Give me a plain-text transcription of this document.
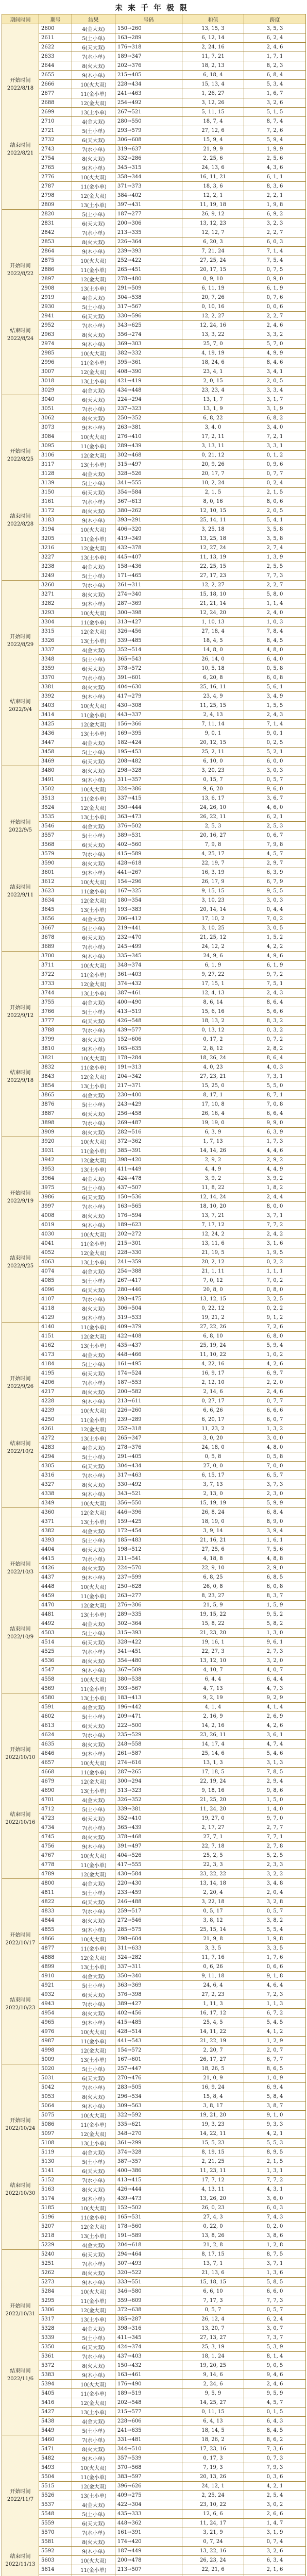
未来千年极限
期间时间	期号	结果	号码	和值	跨度

开始时间
2022/8/18
结束时间
2022/8/21	2600	4(金大双)	150→260	13, 15, 3	3, 5, 3
	2611	5(土小单)	163→289	6, 12, 14	6, 2, 4
	2622	6(天大双)	176→318	2, 24, 16	2, 4, 6
	2633	7(水小单)	189→347	11, 7, 21	1, 7, 1
	2644	8(火大双)	202→376	18, 2, 13	8, 2, 3
	2655	9(木小单)	215→405	6, 18, 4	6, 8, 4
	2666	10(火大双)	228→434	15, 13, 4	5, 3, 4
	2677	11(金小单)	241→463	1, 26, 27	1, 6, 7
	2688	12(金大双)	254→492	3, 12, 26	3, 2, 6
	2699	13(土小单)	267→521	5, 11, 15	5, 1, 5
	2710	4(金大双)	280→550	18, 7, 4	8, 7, 4
	2721	5(土小单)	293→579	27, 12, 6	7, 2, 6
	2732	6(天大双)	306→608	15, 9, 4	5, 9, 4
	2743	7(水小单)	319→637	21, 9, 9	1, 9, 9
	2754	8(火大双)	332→286	2, 25, 6	2, 5, 6
	2765	9(木小单)	345→315	24, 13, 6	4, 3, 6
	2776	10(火大双)	358→344	16, 11, 21	6, 1, 1
	2787	11(金小单)	371→373	18, 3, 6	8, 3, 6
	2798	12(金大双)	384→402	12, 2, 1	2, 2, 1
	2809	13(土小单)	397→431	11, 19, 18	1, 9, 8

开始时间
2022/8/22
结束时间
2022/8/24	2820	5(土小单)	187→277	26, 9, 12	6, 9, 2
	2831	6(天大双)	200→306	13, 12, 23	3, 2, 3
	2842	7(水小单)	213→335	12, 12, 7	2, 2, 7
	2853	8(火大双)	226→364	6, 20, 3	6, 0, 3
	2864	9(木小单)	239→393	7, 21, 24	7, 1, 4
	2875	10(火大双)	252→422	27, 25, 24	7, 5, 4
	2886	11(金小单)	265→451	20, 17, 15	0, 7, 5
	2897	12(金大双)	278→480	0, 9, 10	0, 9, 0
	2908	13(土小单)	291→509	6, 11, 19	6, 1, 9
	2919	4(金大双)	304→538	20, 7, 26	0, 7, 6
	2930	5(土小单)	317→567	0, 10, 16	0, 0, 6
	2941	6(天大双)	330→596	12, 2, 27	2, 2, 7
	2952	7(水小单)	343→625	12, 24, 16	2, 4, 6
	2963	8(火大双)	356→274	13, 3, 22	3, 3, 2
	2974	9(木小单)	369→303	25, 7, 0	5, 7, 0
	2985	10(火大双)	382→332	4, 19, 19	4, 9, 9
	2996	11(金小单)	395→361	18, 24, 6	8, 4, 6
	3007	12(金大双)	408→390	23, 4, 1	3, 4, 1
	3018	13(土小单)	421→419	2, 0, 15	2, 0, 5
	3029	4(金大双)	434→448	23, 23, 4	3, 3, 4

开始时间
2022/8/25
结束时间
2022/8/28	3040	6(天大双)	224→294	13, 1, 7	3, 1, 7
	3051	7(水小单)	237→323	13, 1, 9	3, 1, 9
	3062	8(火大双)	250→352	6, 8, 22	6, 8, 2
	3073	9(木小单)	263→381	3, 4, 0	3, 4, 0
	3084	10(火大双)	276→410	17, 2, 11	7, 2, 1
	3095	11(金小单)	289→439	3, 13, 11	3, 3, 1
	3106	12(金大双)	302→468	0, 21, 12	0, 1, 2
	3117	13(土小单)	315→497	20, 9, 26	0, 9, 6
	3128	4(金大双)	328→526	20, 17, 7	0, 7, 7
	3139	5(土小单)	341→555	10, 2, 24	0, 2, 4
	3150	6(天大双)	354→584	2, 1, 5	2, 1, 5
	3161	7(水小单)	367→613	8, 0, 16	8, 0, 6
	3172	8(火大双)	380→262	12, 10, 15	2, 0, 5
	3183	9(木小单)	393→291	25, 14, 11	5, 4, 1
	3194	10(火大双)	406→320	3, 25, 18	3, 5, 8
	3205	11(金小单)	419→349	13, 25, 18	3, 5, 8
	3216	12(金大双)	432→378	12, 27, 24	2, 7, 4
	3227	13(土小单)	445→407	11, 13, 19	1, 3, 9
	3238	4(金大双)	158→436	22, 25, 15	2, 5, 5
	3249	5(土小单)	171→465	27, 17, 23	7, 7, 3

开始时间
2022/8/29
结束时间
2022/9/4	3260	7(水小单)	261→311	12, 2, 27	2, 2, 7
	3271	8(火大双)	274→340	15, 18, 10	5, 8, 0
	3282	9(木小单)	287→369	21, 21, 14	1, 1, 4
	3293	10(火大双)	300→398	12, 24, 20	2, 4, 0
	3304	11(金小单)	313→427	1, 10, 13	1, 0, 3
	3315	12(金大双)	326→456	27, 18, 4	7, 8, 4
	3326	13(土小单)	339→485	18, 4, 5	8, 4, 5
	3337	4(金大双)	352→514	14, 8, 0	4, 8, 0
	3348	5(土小单)	365→543	26, 14, 0	6, 4, 0
	3359	6(天大双)	378→572	10, 5, 18	0, 5, 8
	3370	7(水小单)	391→601	6, 20, 8	6, 0, 8
	3381	8(火大双)	404→630	25, 16, 11	5, 6, 1
	3392	9(木小单)	417→279	23, 4, 9	3, 4, 9
	3403	10(火大双)	430→308	11, 25, 15	1, 5, 5
	3414	11(金小单)	443→337	2, 4, 13	2, 4, 3
	3425	12(金大双)	156→366	7, 11, 14	7, 1, 4
	3436	13(土小单)	169→395	9, 0, 1	9, 0, 1
	3447	4(金大双)	182→424	20, 12, 15	0, 2, 5
	3458	5(土小单)	195→453	25, 2, 11	5, 2, 1
	3469	6(天大双)	208→482	6, 10, 0	6, 0, 0

开始时间
2022/9/5
结束时间
2022/9/11	3480	8(火大双)	298→328	3, 20, 23	3, 0, 3
	3491	9(木小单)	311→357	0, 15, 7	0, 5, 7
	3502	10(火大双)	324→386	9, 6, 20	9, 6, 0
	3513	11(金小单)	337→415	13, 6, 17	3, 6, 7
	3524	12(金大双)	350→444	24, 26, 10	4, 6, 0
	3535	13(土小单)	363→473	26, 22, 11	6, 2, 1
	3546	4(金大双)	376→502	2, 5, 3	2, 5, 3
	3557	5(土小单)	389→531	20, 16, 27	0, 6, 7
	3568	6(天大双)	402→560	7, 9, 8	7, 9, 8
	3579	7(水小单)	415→589	4, 25, 17	4, 5, 7
	3590	8(火大双)	428→618	22, 19, 7	2, 9, 7
	3601	9(木小单)	441→267	16, 3, 19	6, 3, 9
	3612	10(火大双)	154→296	26, 17, 9	6, 7, 9
	3623	11(金小单)	167→325	9, 15, 15	9, 5, 5
	3634	12(金大双)	180→354	3, 10, 23	3, 0, 3
	3645	13(土小单)	193→383	20, 14, 14	0, 4, 4
	3656	4(金大双)	206→412	17, 10, 2	7, 0, 2
	3667	5(土小单)	219→441	3, 10, 25	3, 0, 5
	3678	6(天大双)	232→470	21, 25, 12	1, 5, 2
	3689	7(水小单)	245→499	24, 12, 2	4, 2, 2

开始时间
2022/9/12
结束时间
2022/9/18	3700	9(木小单)	335→345	24, 9, 6	4, 9, 6
	3711	10(火大双)	348→374	6, 1, 9	6, 1, 9
	3722	11(金小单)	361→403	9, 27, 22	9, 7, 2
	3733	12(金大双)	374→432	17, 15, 1	7, 5, 1
	3744	13(土小单)	387→461	12, 4, 13	2, 4, 3
	3755	4(金大双)	400→490	8, 6, 14	8, 6, 4
	3766	5(土小单)	413→519	15, 6, 16	5, 6, 6
	3777	6(天大双)	426→548	18, 13, 2	8, 3, 2
	3788	7(水小单)	439→577	0, 13, 12	0, 3, 2
	3799	8(火大双)	152→606	0, 17, 2	0, 7, 2
	3810	9(木小单)	165→635	2, 8, 12	2, 8, 2
	3821	10(火大双)	178→284	18, 26, 24	8, 6, 4
	3832	11(金小单)	191→313	4, 0, 23	4, 0, 3
	3843	12(金大双)	204→342	27, 23, 21	7, 3, 1
	3854	13(土小单)	217→371	15, 25, 0	5, 5, 0
	3865	4(金大双)	230→400	8, 17, 1	8, 7, 1
	3876	5(土小单)	243→429	17, 10, 8	7, 0, 8
	3887	6(天大双)	256→458	26, 16, 4	6, 6, 4
	3898	7(水小单)	269→487	19, 19, 0	9, 9, 0
	3909	8(火大双)	282→516	6, 3, 9	6, 3, 9

开始时间
2022/9/19
结束时间
2022/9/25	3920	10(火大双)	372→362	1, 7, 13	1, 7, 3
	3931	11(金小单)	385→391	14, 14, 26	4, 4, 6
	3942	12(金大双)	398→420	2, 9, 2	2, 9, 2
	3953	13(土小单)	411→449	4, 4, 9	4, 4, 9
	3964	4(金大双)	424→478	3, 9, 2	3, 9, 2
	3975	5(土小单)	437→507	11, 8, 22	1, 8, 2
	3986	6(天大双)	150→536	12, 14, 24	2, 4, 4
	3997	7(水小单)	163→565	18, 10, 20	8, 0, 0
	4008	8(火大双)	176→594	13, 7, 21	3, 7, 1
	4019	9(木小单)	189→623	7, 17, 12	7, 7, 2
	4030	10(火大双)	202→272	12, 24, 2	2, 4, 2
	4041	11(金小单)	215→301	13, 11, 6	3, 1, 6
	4052	12(金大双)	228→330	21, 19, 5	1, 9, 5
	4063	13(土小单)	241→359	20, 2, 12	0, 2, 2
	4074	4(金大双)	254→388	21, 1, 11	1, 1, 1
	4085	5(土小单)	267→417	7, 0, 12	7, 0, 2
	4096	6(天大双)	280→446	20, 8, 0	0, 8, 0
	4107	7(水小单)	293→475	13, 12, 15	3, 2, 5
	4118	8(火大双)	306→504	0, 22, 12	0, 2, 2
	4129	9(木小单)	319→533	19, 21, 2	9, 1, 2

开始时间
2022/9/26
结束时间
2022/10/2	4140	11(金小单)	409→379	27, 22, 26	7, 2, 6
	4151	12(金大双)	422→408	6, 8, 10	6, 8, 0
	4162	13(土小单)	435→437	25, 19, 24	5, 9, 4
	4173	4(金大双)	448→466	11, 10, 22	1, 0, 2
	4184	5(土小单)	161→495	4, 22, 16	4, 2, 6
	4195	6(天大双)	174→524	16, 9, 17	6, 9, 7
	4206	7(水小单)	187→553	2, 12, 10	2, 2, 0
	4217	8(火大双)	200→582	2, 14, 6	2, 4, 6
	4228	9(木小单)	213→611	0, 27, 17	0, 7, 7
	4239	10(火大双)	226→260	6, 6, 26	6, 6, 6
	4250	11(金小单)	239→289	6, 20, 17	6, 0, 7
	4261	12(金大双)	252→318	11, 23, 2	1, 3, 2
	4272	13(土小单)	265→347	3, 0, 20	3, 0, 0
	4283	4(金大双)	278→376	24, 18, 0	4, 8, 0
	4294	5(土小单)	291→405	0, 5, 8	0, 5, 8
	4305	6(天大双)	304→434	27, 0, 0	7, 0, 0
	4316	7(水小单)	317→463	6, 15, 17	6, 5, 7
	4327	8(火大双)	330→492	3, 7, 13	3, 7, 3
	4338	9(木小单)	343→521	2, 13, 0	2, 3, 0
	4349	10(火大双)	356→550	15, 19, 19	5, 9, 9

开始时间
2022/10/3
结束时间
2022/10/9	4360	12(金大双)	446→396	26, 8, 24	6, 8, 4
	4371	13(土小单)	159→425	18, 19, 0	8, 9, 0
	4382	4(金大双)	172→454	3, 9, 14	3, 9, 4
	4393	5(土小单)	185→483	21, 16, 21	1, 6, 1
	4404	6(天大双)	198→512	27, 25, 6	7, 5, 6
	4415	7(水小单)	211→541	4, 18, 8	4, 8, 8
	4426	8(火大双)	224→570	22, 9, 10	2, 9, 0
	4437	9(木小单)	237→599	6, 8, 25	6, 8, 5
	4448	10(火大双)	250→628	26, 0, 8	6, 0, 8
	4459	11(金小单)	263→277	8, 23, 27	8, 3, 7
	4470	12(金大双)	276→306	21, 5, 9	1, 5, 9
	4481	13(土小单)	289→335	19, 15, 22	9, 5, 2
	4492	4(金大双)	302→364	15, 8, 22	5, 8, 2
	4503	5(土小单)	315→393	21, 23, 20	1, 3, 0
	4514	6(天大双)	328→422	19, 16, 1	9, 6, 1
	4525	7(水小单)	341→451	22, 27, 3	2, 7, 3
	4536	8(火大双)	354→480	13, 12, 10	3, 2, 0
	4547	9(木小单)	367→509	4, 10, 7	4, 0, 7
	4558	10(火大双)	380→538	6, 4, 4	6, 4, 4
	4569	11(金小单)	393→567	4, 7, 13	4, 7, 3

开始时间
2022/10/10
结束时间
2022/10/16	4580	13(土小单)	183→413	9, 2, 19	9, 2, 9
	4591	4(金大双)	196→442	4, 1, 4	4, 1, 4
	4602	5(土小单)	209→471	2, 16, 9	2, 6, 9
	4613	6(天大双)	222→500	14, 2, 16	4, 2, 6
	4624	7(水小单)	235→529	23, 26, 11	3, 6, 1
	4635	8(火大双)	248→558	14, 17, 4	4, 7, 4
	4646	9(木小单)	261→587	25, 14, 6	5, 4, 6
	4657	10(火大双)	274→616	13, 1, 3	3, 1, 3
	4668	11(金小单)	287→265	17, 18, 5	7, 8, 5
	4679	12(金大双)	300→294	22, 19, 24	2, 9, 4
	4690	13(土小单)	313→323	9, 18, 16	9, 8, 6
	4701	4(金大双)	326→352	21, 25, 20	1, 5, 0
	4712	5(土小单)	339→381	11, 24, 20	1, 4, 0
	4723	6(天大双)	352→410	19, 27, 0	9, 7, 0
	4734	7(水小单)	365→439	2, 17, 27	2, 7, 7
	4745	8(火大双)	378→468	27, 7, 1	7, 7, 1
	4756	9(木小单)	391→497	22, 7, 18	2, 7, 8
	4767	10(火大双)	404→526	25, 2, 5	5, 2, 5
	4778	11(金小单)	417→555	22, 3, 3	2, 3, 3
	4789	12(金大双)	430→584	23, 22, 22	3, 2, 2

开始时间
2022/10/17
结束时间
2022/10/23	4800	4(金大双)	220→430	13, 14, 18	3, 4, 8
	4811	5(土小单)	233→459	2, 20, 4	2, 0, 4
	4822	6(天大双)	246→488	3, 22, 18	3, 2, 8
	4833	7(水小单)	259→517	0, 5, 17	0, 5, 7
	4844	8(火大双)	272→546	3, 8, 12	3, 8, 2
	4855	9(木小单)	285→575	25, 15, 14	5, 5, 4
	4866	10(火大双)	298→604	21, 9, 8	1, 9, 8
	4877	11(金小单)	311→633	3, 3, 5	3, 3, 5
	4888	12(金大双)	324→282	11, 7, 16	1, 7, 6
	4899	13(土小单)	337→311	0, 6, 26	0, 6, 6
	4910	4(金大双)	350→340	9, 11, 18	9, 1, 8
	4921	5(土小单)	363→369	24, 6, 4	4, 6, 4
	4932	6(天大双)	376→398	27, 2, 23	7, 2, 3
	4943	7(水小单)	389→427	1, 11, 3	1, 1, 3
	4954	8(火大双)	402→456	16, 17, 12	6, 7, 2
	4965	9(木小单)	415→485	25, 4, 5	5, 4, 5
	4976	10(火大双)	428→514	14, 11, 22	4, 1, 2
	4987	11(金小单)	441→543	21, 22, 19	1, 2, 9
	4998	12(金大双)	154→572	2, 20, 7	2, 0, 7
	5009	13(土小单)	167→601	26, 17, 27	6, 7, 7

开始时间
2022/10/24
结束时间
2022/10/30	5020	5(土小单)	257→447	18, 26, 5	8, 6, 5
	5031	6(天大双)	270→476	21, 0, 9	1, 0, 9
	5042	7(水小单)	283→505	16, 9, 24	6, 9, 4
	5053	8(火大双)	296→534	15, 8, 4	5, 8, 4
	5064	9(木小单)	309→563	3, 8, 17	3, 8, 7
	5075	10(火大双)	322→592	19, 21, 20	9, 1, 0
	5086	11(金小单)	335→621	19, 3, 23	9, 3, 3
	5097	12(金大双)	348→270	14, 22, 11	4, 2, 1
	5108	13(土小单)	361→299	15, 5, 23	5, 5, 3
	5119	4(金大双)	374→328	8, 19, 15	8, 9, 5
	5130	5(土小单)	387→357	2, 21, 25	2, 1, 5
	5141	6(天大双)	400→386	11, 23, 11	1, 3, 1
	5152	7(水小单)	413→415	17, 7, 12	7, 7, 2
	5163	8(火大双)	426→444	4, 13, 11	4, 3, 1
	5174	9(木小单)	439→473	13, 26, 20	3, 6, 0
	5185	10(火大双)	152→502	26, 0, 23	6, 0, 3
	5196	11(金小单)	165→531	27, 4, 3	7, 4, 3
	5207	12(金大双)	178→560	0, 22, 0	0, 2, 0
	5218	13(土小单)	191→589	13, 8, 26	3, 8, 6
	5229	4(金大双)	204→618	21, 2, 8	1, 2, 8

开始时间
2022/10/31
结束时间
2022/11/6	5240	6(天大双)	294→464	8, 17, 15	8, 7, 5
	5251	7(水小单)	307→493	13, 7, 1	3, 7, 1
	5262	8(火大双)	320→522	21, 13, 6	1, 3, 6
	5273	9(木小单)	333→551	15, 18, 15	5, 8, 5
	5284	10(火大双)	346→580	6, 6, 10	6, 6, 0
	5295	11(金小单)	359→609	7, 17, 3	7, 7, 3
	5306	12(金大双)	372→638	0, 5, 7	0, 5, 7
	5317	13(土小单)	385→287	26, 12, 4	6, 2, 4
	5328	4(金大双)	398→316	13, 20, 7	3, 0, 7
	5339	5(土小单)	411→345	27, 13, 27	7, 3, 7
	5350	6(天大双)	424→374	25, 3, 19	5, 3, 9
	5361	7(水小单)	437→403	18, 1, 24	8, 1, 4
	5372	8(火大双)	150→432	19, 20, 25	9, 0, 5
	5383	9(木小单)	163→461	9, 14, 6	9, 4, 6
	5394	10(火大双)	176→490	2, 24, 6	2, 4, 6
	5405	11(金小单)	189→519	9, 5, 9	9, 5, 9
	5416	12(金大双)	202→548	14, 25, 27	4, 5, 7
	5427	13(土小单)	215→577	0, 11, 15	0, 1, 5
	5438	4(金大双)	228→606	6, 4, 13	6, 4, 3
	5449	5(土小单)	241→635	18, 14, 5	8, 4, 5

开始时间
2022/11/7
结束时间
2022/11/13	5460	7(水小单)	331→481	18, 26, 2	8, 6, 2
	5471	8(火大双)	344→510	17, 23, 16	7, 3, 6
	5482	9(木小单)	357→539	0, 17, 3	0, 7, 3
	5493	10(火大双)	370→568	7, 19, 3	7, 9, 3
	5504	11(金小单)	383→597	20, 13, 26	0, 3, 6
	5515	12(金大双)	396→626	24, 12, 1	4, 2, 1
	5526	13(土小单)	409→275	2, 25, 24	2, 5, 4
	5537	4(金大双)	422→304	23, 10, 22	3, 0, 2
	5548	5(土小单)	435→333	12, 6, 6	2, 6, 6
	5559	6(天大双)	448→362	11, 24, 17	1, 4, 7
	5570	7(水小单)	161→391	3, 21, 9	3, 1, 9
	5581	8(火大双)	174→420	0, 7, 24	0, 7, 4
	5592	9(木小单)	187→449	13, 22, 16	3, 2, 6
	5603	10(火大双)	200→478	26, 23, 24	6, 3, 4
	5614	11(金小单)	213→507	22, 21, 6	2, 1, 6
